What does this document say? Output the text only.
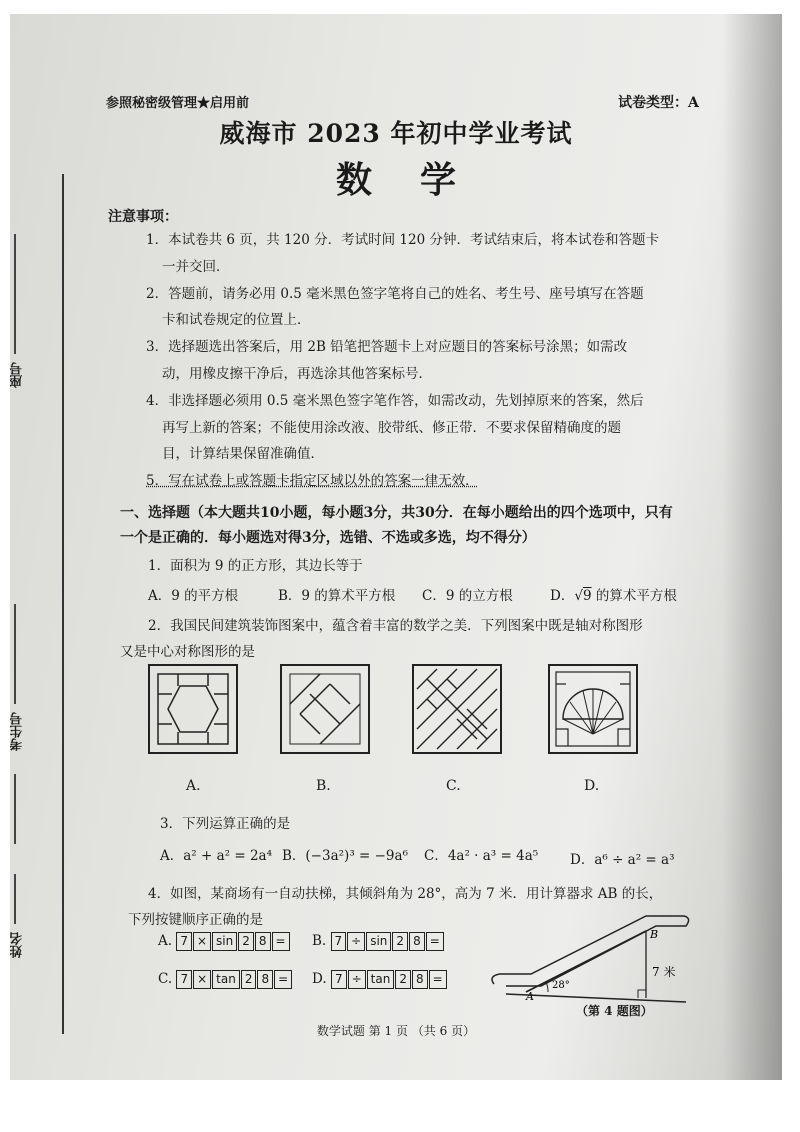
座号
考生号
姓名
参照秘密级管理★启用前	试卷类型：A
威海市 2023 年初中学业考试
数学
注意事项：
1．本试卷共 6 页，共 120 分．考试时间 120 分钟．考试结束后，将本试卷和答题卡
一并交回．
2．答题前，请务必用 0.5 毫米黑色签字笔将自己的姓名、考生号、座号填写在答题
卡和试卷规定的位置上．
3．选择题选出答案后，用 2B 铅笔把答题卡上对应题目的答案标号涂黑；如需改
动，用橡皮擦干净后，再选涂其他答案标号．
4．非选择题必须用 0.5 毫米黑色签字笔作答，如需改动，先划掉原来的答案，然后
再写上新的答案；不能使用涂改液、胶带纸、修正带．不要求保留精确度的题
目，计算结果保留准确值．
5．写在试卷上或答题卡指定区域以外的答案一律无效．
一、选择题（本大题共10小题，每小题3分，共30分．在每小题给出的四个选项中，只有
一个是正确的．每小题选对得3分，选错、不选或多选，均不得分）
1．面积为 9 的正方形，其边长等于
A．9 的平方根	B．9 的算术平方根 C．9 的立方根	D．√9 的算术平方根
2．我国民间建筑装饰图案中，蕴含着丰富的数学之美．下列图案中既是轴对称图形
又是中心对称图形的是
A.	B.	C.	D.
3．下列运算正确的是
A．a² + a² = 2a⁴ B．(−3a²)³ = −9a⁶ C．4a² · a³ = 4a⁵ D．a⁶ ÷ a² = a³
4．如图，某商场有一自动扶梯，其倾斜角为 28°，高为 7 米．用计算器求 AB 的长，
下列按键顺序正确的是
A. 7 × sin 2 8 =	B. 7 ÷ sin 2 8 =
C. 7 × tan 2 8 =	D. 7 ÷ tan 2 8 =
A
B
28°
7 米
（第 4 题图）
数学试题 第 1 页 （共 6 页）
